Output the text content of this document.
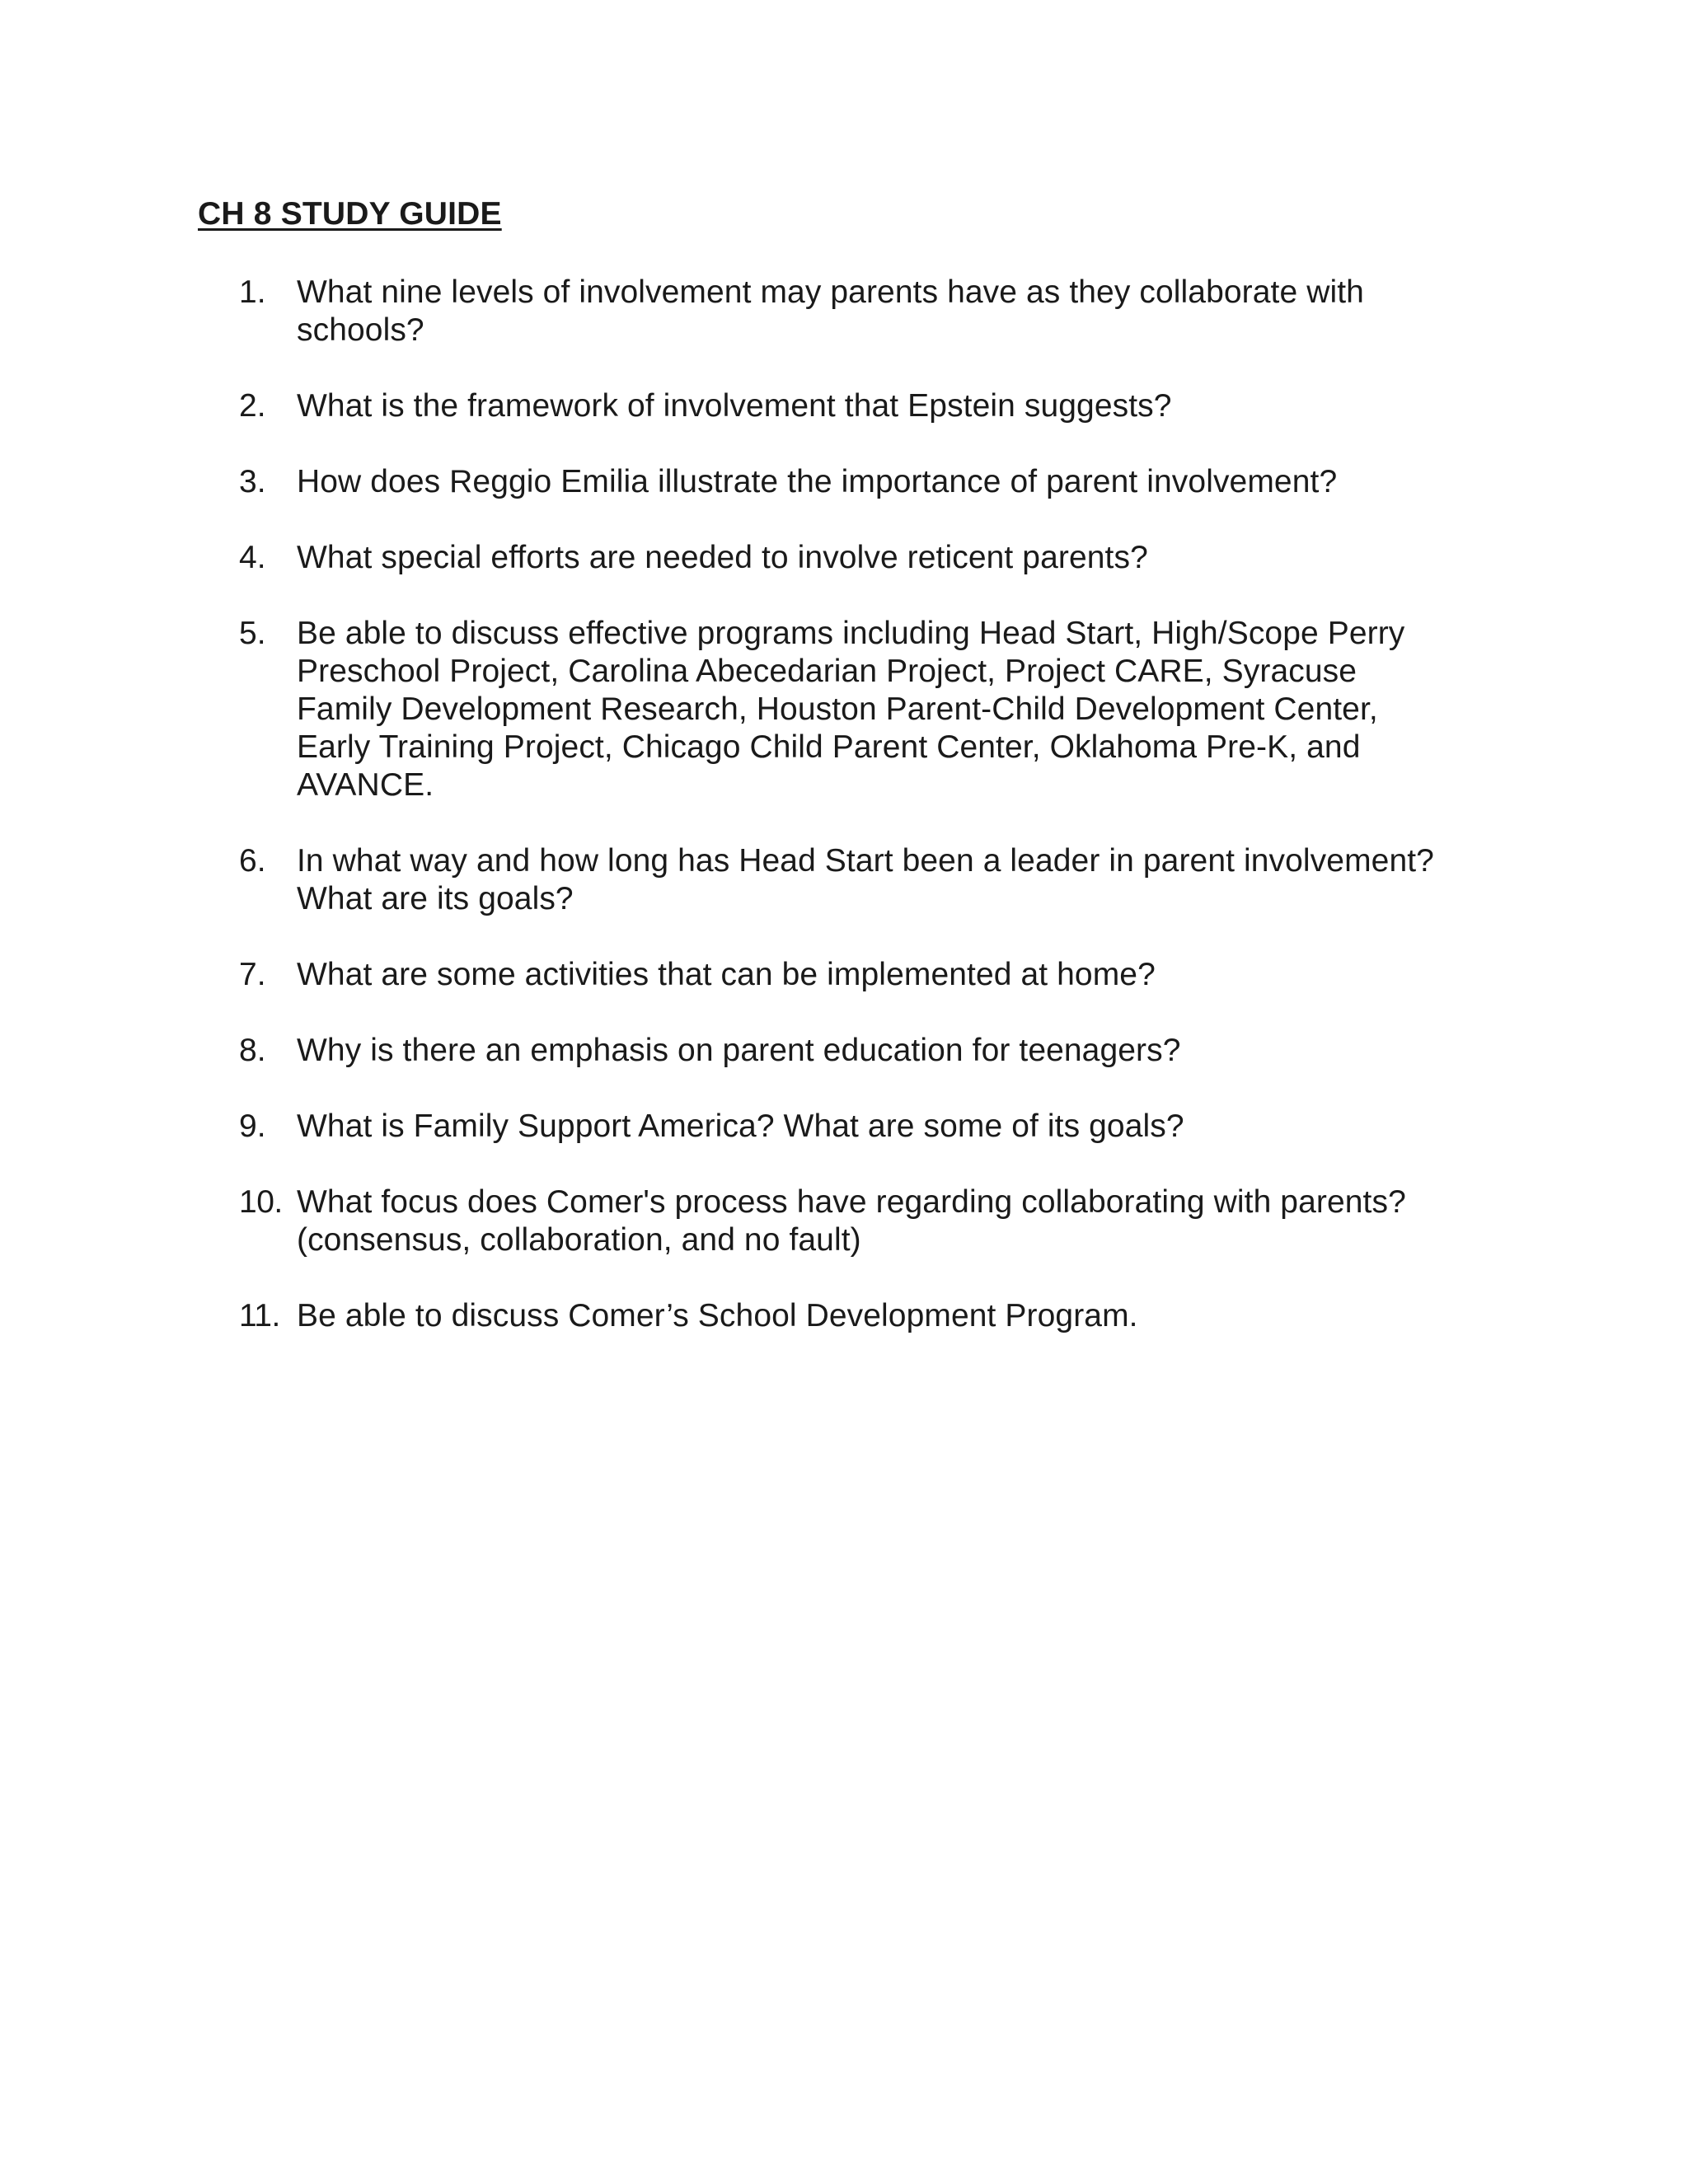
CH 8 STUDY GUIDE
1. What nine levels of involvement may parents have as they collaborate with
schools?
2. What is the framework of involvement that Epstein suggests?
3. How does Reggio Emilia illustrate the importance of parent involvement?
4. What special efforts are needed to involve reticent parents?
5. Be able to discuss effective programs including Head Start, High/Scope Perry
Preschool Project, Carolina Abecedarian Project, Project CARE, Syracuse
Family Development Research, Houston Parent-Child Development Center,
Early Training Project, Chicago Child Parent Center, Oklahoma Pre-K, and
AVANCE.
6. In what way and how long has Head Start been a leader in parent involvement?
What are its goals?
7. What are some activities that can be implemented at home?
8. Why is there an emphasis on parent education for teenagers?
9. What is Family Support America? What are some of its goals?
10. What focus does Comer's process have regarding collaborating with parents?
(consensus, collaboration, and no fault)
11. Be able to discuss Comer’s School Development Program.
